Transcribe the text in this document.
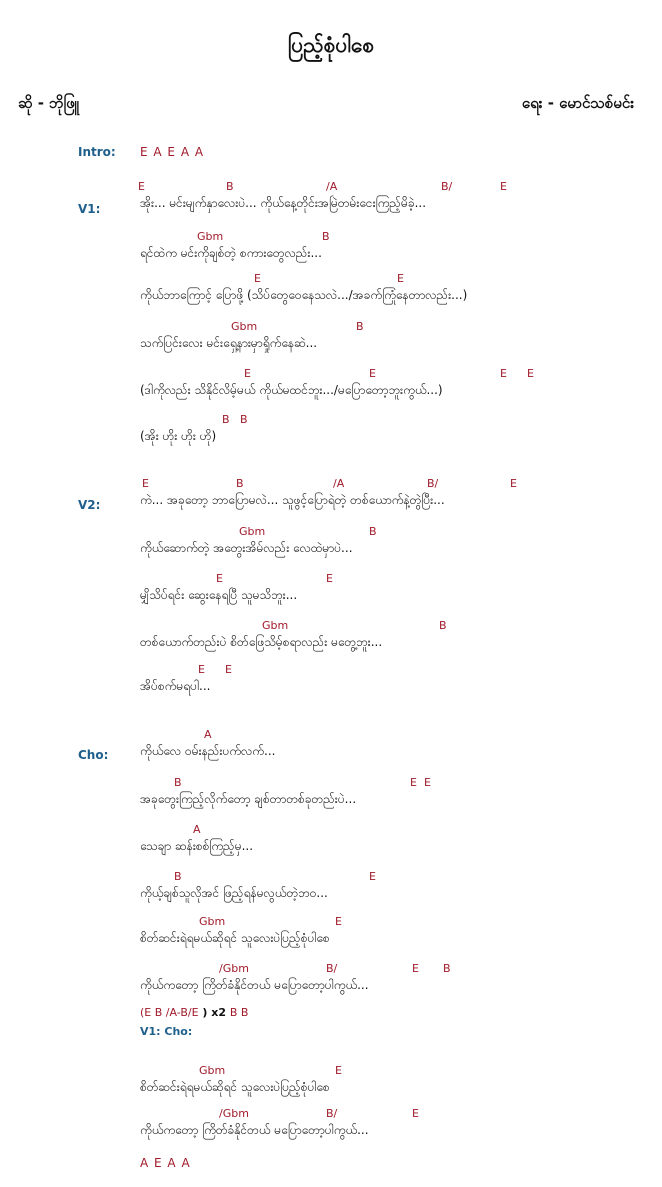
ပြည့်စုံပါစေ
ဆို - ဘိုဖြူ	ရေး - မောင်သစ်မင်း
Intro: E A E A A
V1:
E	B	/A	B/	E
အိုး... မင်းမျက်နှာလေးပဲ... ကိုယ်နေ့တိုင်းအမြဲတမ်းငေးကြည့်မိခဲ့...
Gbm	B
ရင်ထဲက မင်းကိုချစ်တဲ့ စကားတွေလည်း...
E	E
ကိုယ်ဘာကြောင့် ပြောဖို့ (သိပ်တွေဝေနေသလဲ.../အခက်ကြုံနေတာလည်း...)
Gbm	B
သက်ပြင်းလေး မင်းရှေ့နားမှာရှိုက်နေဆဲ...
E	E	E E
(ဒါကိုလည်း သိနိုင်လိမ့်မယ် ကိုယ်မထင်ဘူး.../မပြောတော့ဘူးကွယ်...)
B B
(အိုး ဟိုး ဟိုး ဟို)
V2:
E	B	/A	B/	E
ကဲ... အခုတော့ ဘာပြောမလဲ... သူဖွင့်ပြောရဲတဲ့ တစ်ယောက်နဲ့တွဲပြီး...
Gbm	B
ကိုယ်ဆောက်တဲ့ အတွေးအိမ်လည်း လေထဲမှာပဲ...
E	E
မျှိသိပ်ရင်း ဆွေးနေရပြီ သူမသိဘူး...
Gbm	B
တစ်ယောက်တည်းပဲ စိတ်ဖြေသိမ့်စရာလည်း မတွေ့ဘူး...
E E
အိပ်စက်မရပါ...
Cho:
A
ကိုယ်လေ ဝမ်းနည်းပက်လက်...
B	E E
အခုတွေးကြည့်လိုက်တော့ ချစ်တာတစ်ခုတည်းပဲ...
A
သေချာ ဆန်းစစ်ကြည့်မှ...
B	E
ကိုယ့်ချစ်သူလိုအင် ဖြည့်ရန်မလွယ်တဲ့ဘဝ...
Gbm	E
စိတ်ဆင်းရဲရမယ်ဆိုရင် သူလေးပဲပြည့်စုံပါစေ
/Gbm	B/	E B
ကိုယ်ကတော့ ကြိတ်ခံနိုင်တယ် မပြောတော့ပါကွယ်...
(E B /A-B/E ) x2 B B
V1: Cho:
Gbm	E
စိတ်ဆင်းရဲရမယ်ဆိုရင် သူလေးပဲပြည့်စုံပါစေ
/Gbm	B/	E
ကိုယ်ကတော့ ကြိတ်ခံနိုင်တယ် မပြောတော့ပါကွယ်...
A E A A
